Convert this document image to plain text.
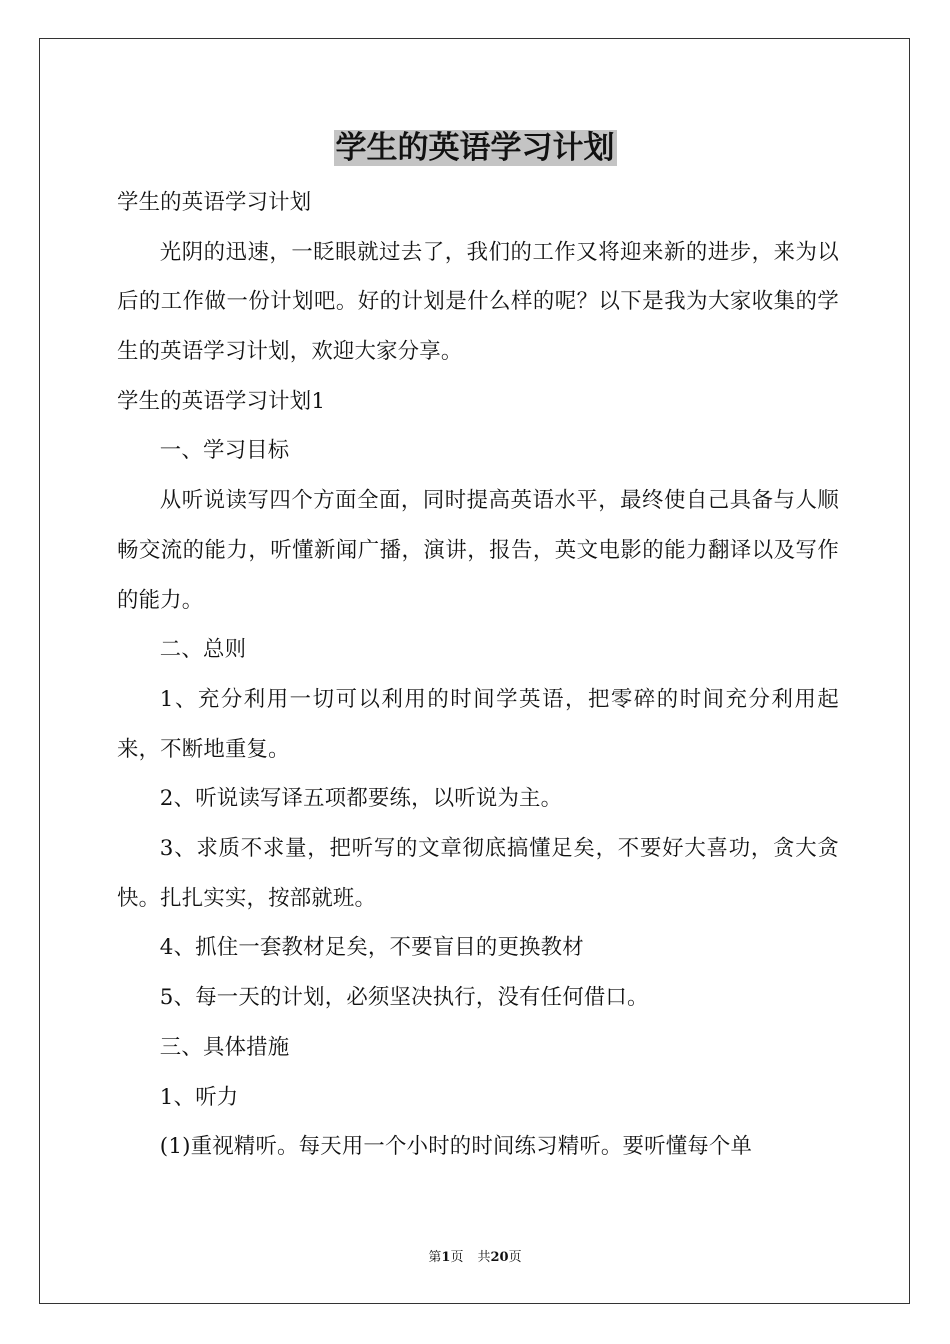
学生的英语学习计划
学生的英语学习计划

光阴的迅速，一眨眼就过去了，我们的工作又将迎来新的进步，来为以后的工作做一份计划吧。好的计划是什么样的呢？以下是我为大家收集的学生的英语学习计划，欢迎大家分享。

学生的英语学习计划1
一、学习目标

从听说读写四个方面全面，同时提高英语水平，最终使自己具备与人顺畅交流的能力，听懂新闻广播，演讲，报告，英文电影的能力翻译以及写作的能力。

二、总则

1、充分利用一切可以利用的时间学英语，把零碎的时间充分利用起来，不断地重复。

2、听说读写译五项都要练，以听说为主。

3、求质不求量，把听写的文章彻底搞懂足矣，不要好大喜功，贪大贪快。扎扎实实，按部就班。

4、抓住一套教材足矣，不要盲目的更换教材

5、每一天的计划，必须坚决执行，没有任何借口。

三、具体措施
1、听力
(1)重视精听。每天用一个小时的时间练习精听。要听懂每个单
第1页 共20页
